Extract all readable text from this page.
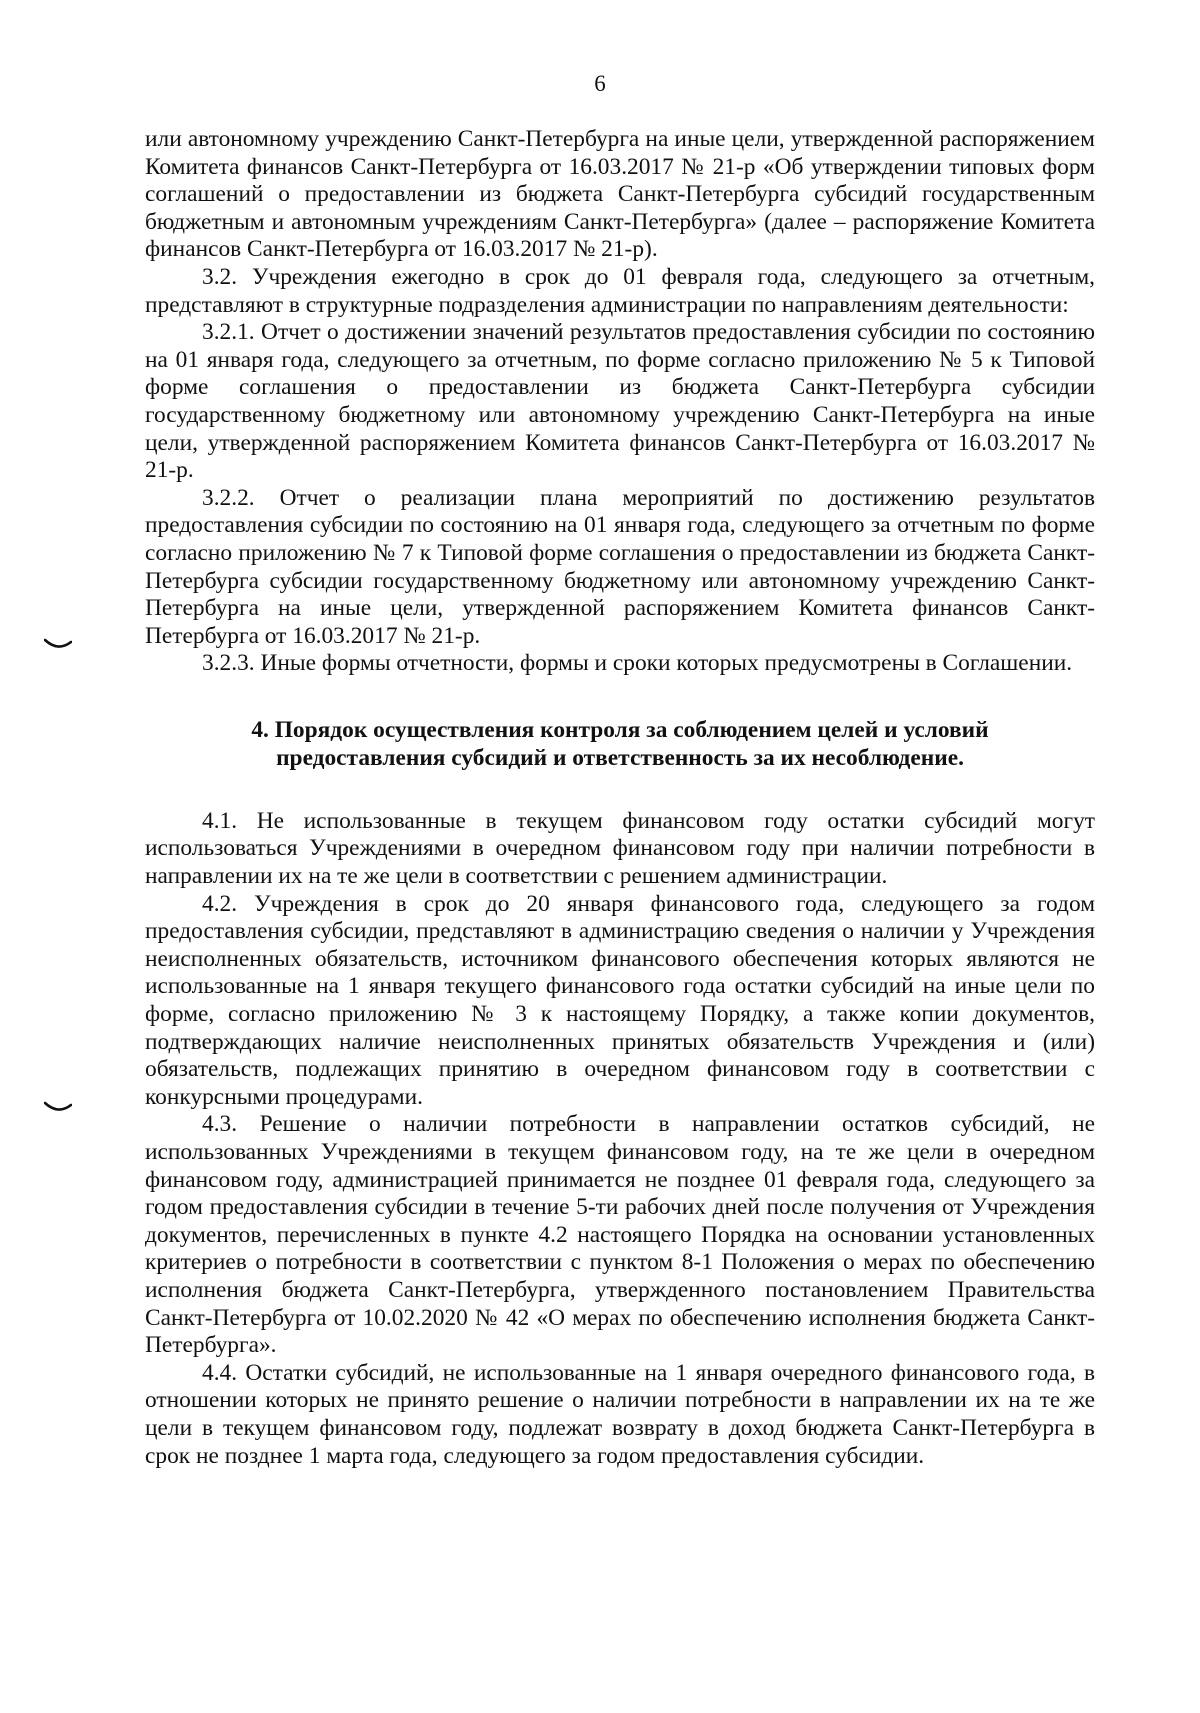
6

или автономному учреждению Санкт-Петербурга на иные цели, утвержденной распоряжением Комитета финансов Санкт-Петербурга от 16.03.2017 № 21-р «Об утверждении типовых форм соглашений о предоставлении из бюджета Санкт-Петербурга субсидий государственным бюджетным и автономным учреждениям Санкт-Петербурга» (далее – распоряжение Комитета финансов Санкт-Петербурга от 16.03.2017 № 21-р).

3.2. Учреждения ежегодно в срок до 01 февраля года, следующего за отчетным, представляют в структурные подразделения администрации по направлениям деятельности:

3.2.1. Отчет о достижении значений результатов предоставления субсидии по состоянию на 01 января года, следующего за отчетным, по форме согласно приложению № 5 к Типовой форме соглашения о предоставлении из бюджета Санкт-Петербурга субсидии государственному бюджетному или автономному учреждению Санкт-Петербурга на иные цели, утвержденной распоряжением Комитета финансов Санкт-Петербурга от 16.03.2017 № 21-р.

3.2.2. Отчет о реализации плана мероприятий по достижению результатов предоставления субсидии по состоянию на 01 января года, следующего за отчетным по форме согласно приложению № 7 к Типовой форме соглашения о предоставлении из бюджета Санкт-Петербурга субсидии государственному бюджетному или автономному учреждению Санкт-Петербурга на иные цели, утвержденной распоряжением Комитета финансов Санкт-Петербурга от 16.03.2017 № 21-р.

3.2.3. Иные формы отчетности, формы и сроки которых предусмотрены в Соглашении.

4. Порядок осуществления контроля за соблюдением целей и условий
предоставления субсидий и ответственность за их несоблюдение.

4.1. Не использованные в текущем финансовом году остатки субсидий могут использоваться Учреждениями в очередном финансовом году при наличии потребности в направлении их на те же цели в соответствии с решением администрации.

4.2. Учреждения в срок до 20 января финансового года, следующего за годом предоставления субсидии, представляют в администрацию сведения о наличии у Учреждения неисполненных обязательств, источником финансового обеспечения которых являются не использованные на 1 января текущего финансового года остатки субсидий на иные цели по форме, согласно приложению № 3 к настоящему Порядку, а также копии документов, подтверждающих наличие неисполненных принятых обязательств Учреждения и (или) обязательств, подлежащих принятию в очередном финансовом году в соответствии с конкурсными процедурами.

4.3. Решение о наличии потребности в направлении остатков субсидий, не использованных Учреждениями в текущем финансовом году, на те же цели в очередном финансовом году, администрацией принимается не позднее 01 февраля года, следующего за годом предоставления субсидии в течение 5-ти рабочих дней после получения от Учреждения документов, перечисленных в пункте 4.2 настоящего Порядка на основании установленных критериев о потребности в соответствии с пунктом 8-1 Положения о мерах по обеспечению исполнения бюджета Санкт-Петербурга, утвержденного постановлением Правительства Санкт-Петербурга от 10.02.2020 № 42 «О мерах по обеспечению исполнения бюджета Санкт-Петербурга».

4.4. Остатки субсидий, не использованные на 1 января очередного финансового года, в отношении которых не принято решение о наличии потребности в направлении их на те же цели в текущем финансовом году, подлежат возврату в доход бюджета Санкт-Петербурга в срок не позднее 1 марта года, следующего за годом предоставления субсидии.
